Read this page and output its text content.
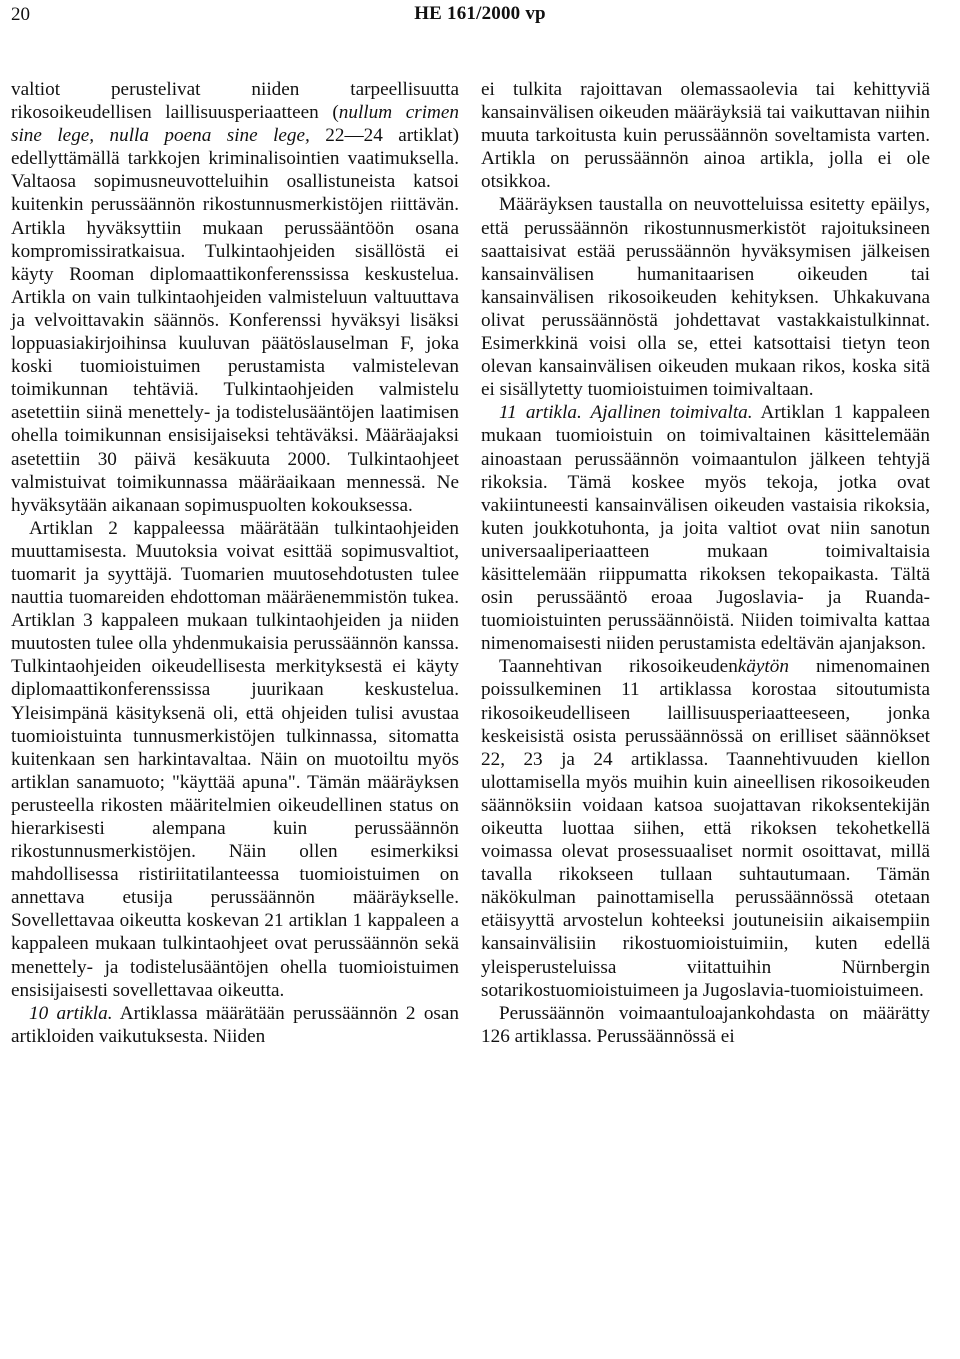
20	HE 161/2000 vp

valtiot perustelivat niiden tarpeellisuutta rikosoikeudellisen laillisuusperiaatteen (nullum crimen sine lege, nulla poena sine lege, 22—24 artiklat) edellyttämällä tarkkojen kriminalisointien vaatimuksella. Valtaosa sopimusneuvotteluihin osallistuneista katsoi kuitenkin perussäännön rikostunnusmerkistöjen riittävän. Artikla hyväksyttiin mukaan perussääntöön osana kompromissiratkaisua. Tulkintaohjeiden sisällöstä ei käyty Rooman diplomaattikonferenssissa keskustelua. Artikla on vain tulkintaohjeiden valmisteluun valtuuttava ja velvoittavakin säännös. Konferenssi hyväksyi lisäksi loppuasiakirjoihinsa kuuluvan päätöslauselman F, joka koski tuomioistuimen perustamista valmistelevan toimikunnan tehtäviä. Tulkintaohjeiden valmistelu asetettiin siinä menettely- ja todistelusääntöjen laatimisen ohella toimikunnan ensisijaiseksi tehtäväksi. Määräajaksi asetettiin 30 päivä kesäkuuta 2000. Tulkintaohjeet valmistuivat toimikunnassa määräaikaan mennessä. Ne hyväksytään aikanaan sopimuspuolten kokouksessa.

Artiklan 2 kappaleessa määrätään tulkintaohjeiden muuttamisesta. Muutoksia voivat esittää sopimusvaltiot, tuomarit ja syyttäjä. Tuomarien muutosehdotusten tulee nauttia tuomareiden ehdottoman määräenemmistön tukea. Artiklan 3 kappaleen mukaan tulkintaohjeiden ja niiden muutosten tulee olla yhdenmukaisia perussäännön kanssa. Tulkintaohjeiden oikeudellisesta merkityksestä ei käyty diplomaattikonferenssissa juurikaan keskustelua. Yleisimpänä käsityksenä oli, että ohjeiden tulisi avustaa tuomioistuinta tunnusmerkistöjen tulkinnassa, sitomatta kuitenkaan sen harkintavaltaa. Näin on muotoiltu myös artiklan sanamuoto; "käyttää apuna". Tämän määräyksen perusteella rikosten määritelmien oikeudellinen status on hierarkisesti alempana kuin perussäännön rikostunnusmerkistöjen. Näin ollen esimerkiksi mahdollisessa ristiriitatilanteessa tuomioistuimen on annettava etusija perussäännön määräykselle. Sovellettavaa oikeutta koskevan 21 artiklan 1 kappaleen a kappaleen mukaan tulkintaohjeet ovat perussäännön sekä menettely- ja todistelusääntöjen ohella tuomioistuimen ensisijaisesti sovellettavaa oikeutta.

10 artikla. Artiklassa määrätään perussäännön 2 osan artikloiden vaikutuksesta. Niiden

ei tulkita rajoittavan olemassaolevia tai kehittyviä kansainvälisen oikeuden määräyksiä tai vaikuttavan niihin muuta tarkoitusta kuin perussäännön soveltamista varten. Artikla on perussäännön ainoa artikla, jolla ei ole otsikkoa.

Määräyksen taustalla on neuvotteluissa esitetty epäilys, että perussäännön rikostunnusmerkistöt rajoituksineen saattaisivat estää perussäännön hyväksymisen jälkeisen kansainvälisen humanitaarisen oikeuden tai kansainvälisen rikosoikeuden kehityksen. Uhkakuvana olivat perussäännöstä johdettavat vastakkaistulkinnat. Esimerkkinä voisi olla se, ettei katsottaisi tietyn teon olevan kansainvälisen oikeuden mukaan rikos, koska sitä ei sisällytetty tuomioistuimen toimivaltaan.

11 artikla. Ajallinen toimivalta. Artiklan 1 kappaleen mukaan tuomioistuin on toimivaltainen käsittelemään ainoastaan perussäännön voimaantulon jälkeen tehtyjä rikoksia. Tämä koskee myös tekoja, jotka ovat vakiintuneesti kansainvälisen oikeuden vastaisia rikoksia, kuten joukkotuhonta, ja joita valtiot ovat niin sanotun universaaliperiaatteen mukaan toimivaltaisia käsittelemään riippumatta rikoksen tekopaikasta. Tältä osin perussääntö eroaa Jugoslavia- ja Ruanda-tuomioistuinten perussäännöistä. Niiden toimivalta kattaa nimenomaisesti niiden perustamista edeltävän ajanjakson.

Taannehtivan rikosoikeudenkäytön nimenomainen poissulkeminen 11 artiklassa korostaa sitoutumista rikosoikeudelliseen laillisuusperiaatteeseen, jonka keskeisistä osista perussäännössä on erilliset säännökset 22, 23 ja 24 artiklassa. Taannehtivuuden kiellon ulottamisella myös muihin kuin aineellisen rikosoikeuden säännöksiin voidaan katsoa suojattavan rikoksentekijän oikeutta luottaa siihen, että rikoksen tekohetkellä voimassa olevat prosessuaaliset normit osoittavat, millä tavalla rikokseen tullaan suhtautumaan. Tämän näkökulman painottamisella perussäännössä otetaan etäisyyttä arvostelun kohteeksi joutuneisiin aikaisempiin kansainvälisiin rikostuomioistuimiin, kuten edellä yleisperusteluissa viitattuihin Nürnbergin sotarikostuomioistuimeen ja Jugoslavia-tuomioistuimeen.

Perussäännön voimaantuloajankohdasta on määrätty 126 artiklassa. Perussäännössä ei
